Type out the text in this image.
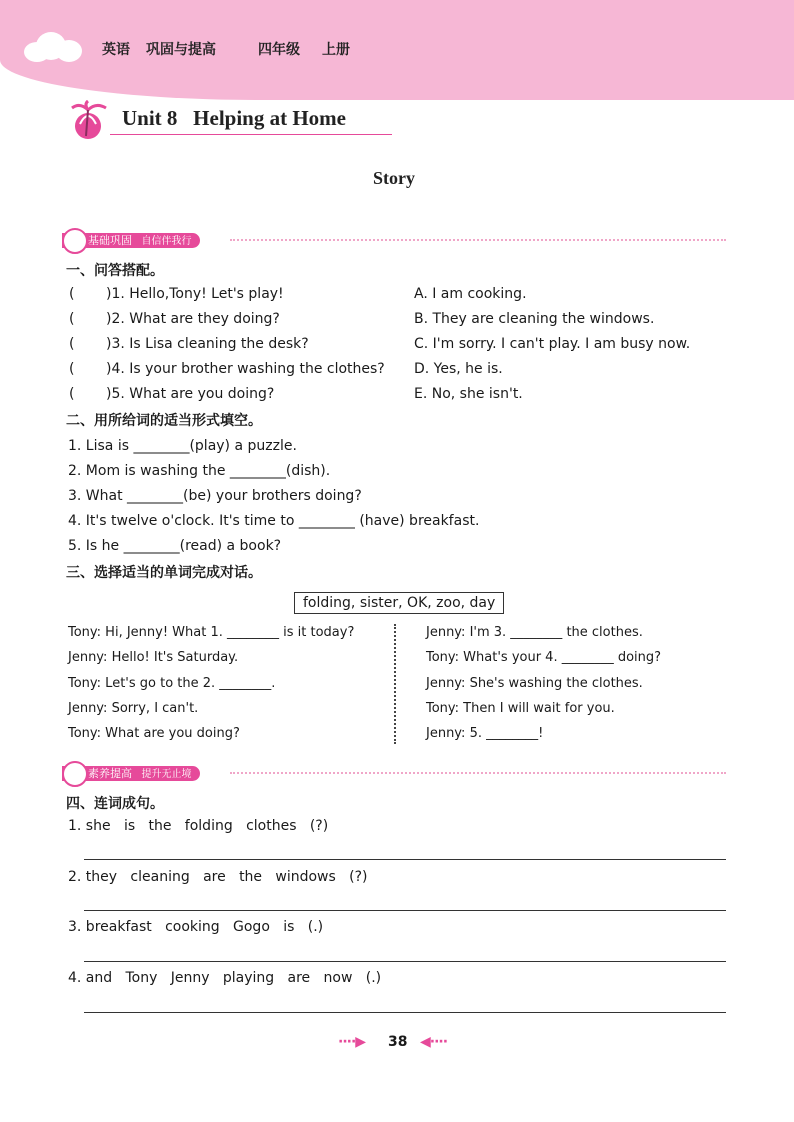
英语 巩固与提高	四年级 上册
Unit 8   Helping at Home
Story
基础巩固 自信伴我行
一、问答搭配。
( )1. Hello,Tony! Let's play!	A. I am cooking.
( )2. What are they doing?	B. They are cleaning the windows.
( )3. Is Lisa cleaning the desk?	C. I'm sorry. I can't play. I am busy now.
( )4. Is your brother washing the clothes? D. Yes, he is.
( )5. What are you doing?	E. No, she isn't.
二、用所给词的适当形式填空。
1. Lisa is ________(play) a puzzle.
2. Mom is washing the ________(dish).
3. What ________(be) your brothers doing?
4. It's twelve o'clock. It's time to ________ (have) breakfast.
5. Is he ________(read) a book?
三、选择适当的单词完成对话。
folding, sister, OK, zoo, day
Tony: Hi, Jenny! What 1. ________ is it today?
Jenny: Hello! It's Saturday.
Tony: Let's go to the 2. ________.
Jenny: Sorry, I can't.
Tony: What are you doing?
Jenny: I'm 3. ________ the clothes.
Tony: What's your 4. ________ doing?
Jenny: She's washing the clothes.
Tony: Then I will wait for you.
Jenny: 5. ________!
素养提高 提升无止境
四、连词成句。
1. she   is   the   folding   clothes   (?)
2. they   cleaning   are   the   windows   (?)
3. breakfast   cooking   Gogo   is   (.)
4. and   Tony   Jenny   playing   are   now   (.)
····▶ 38 ◀····
